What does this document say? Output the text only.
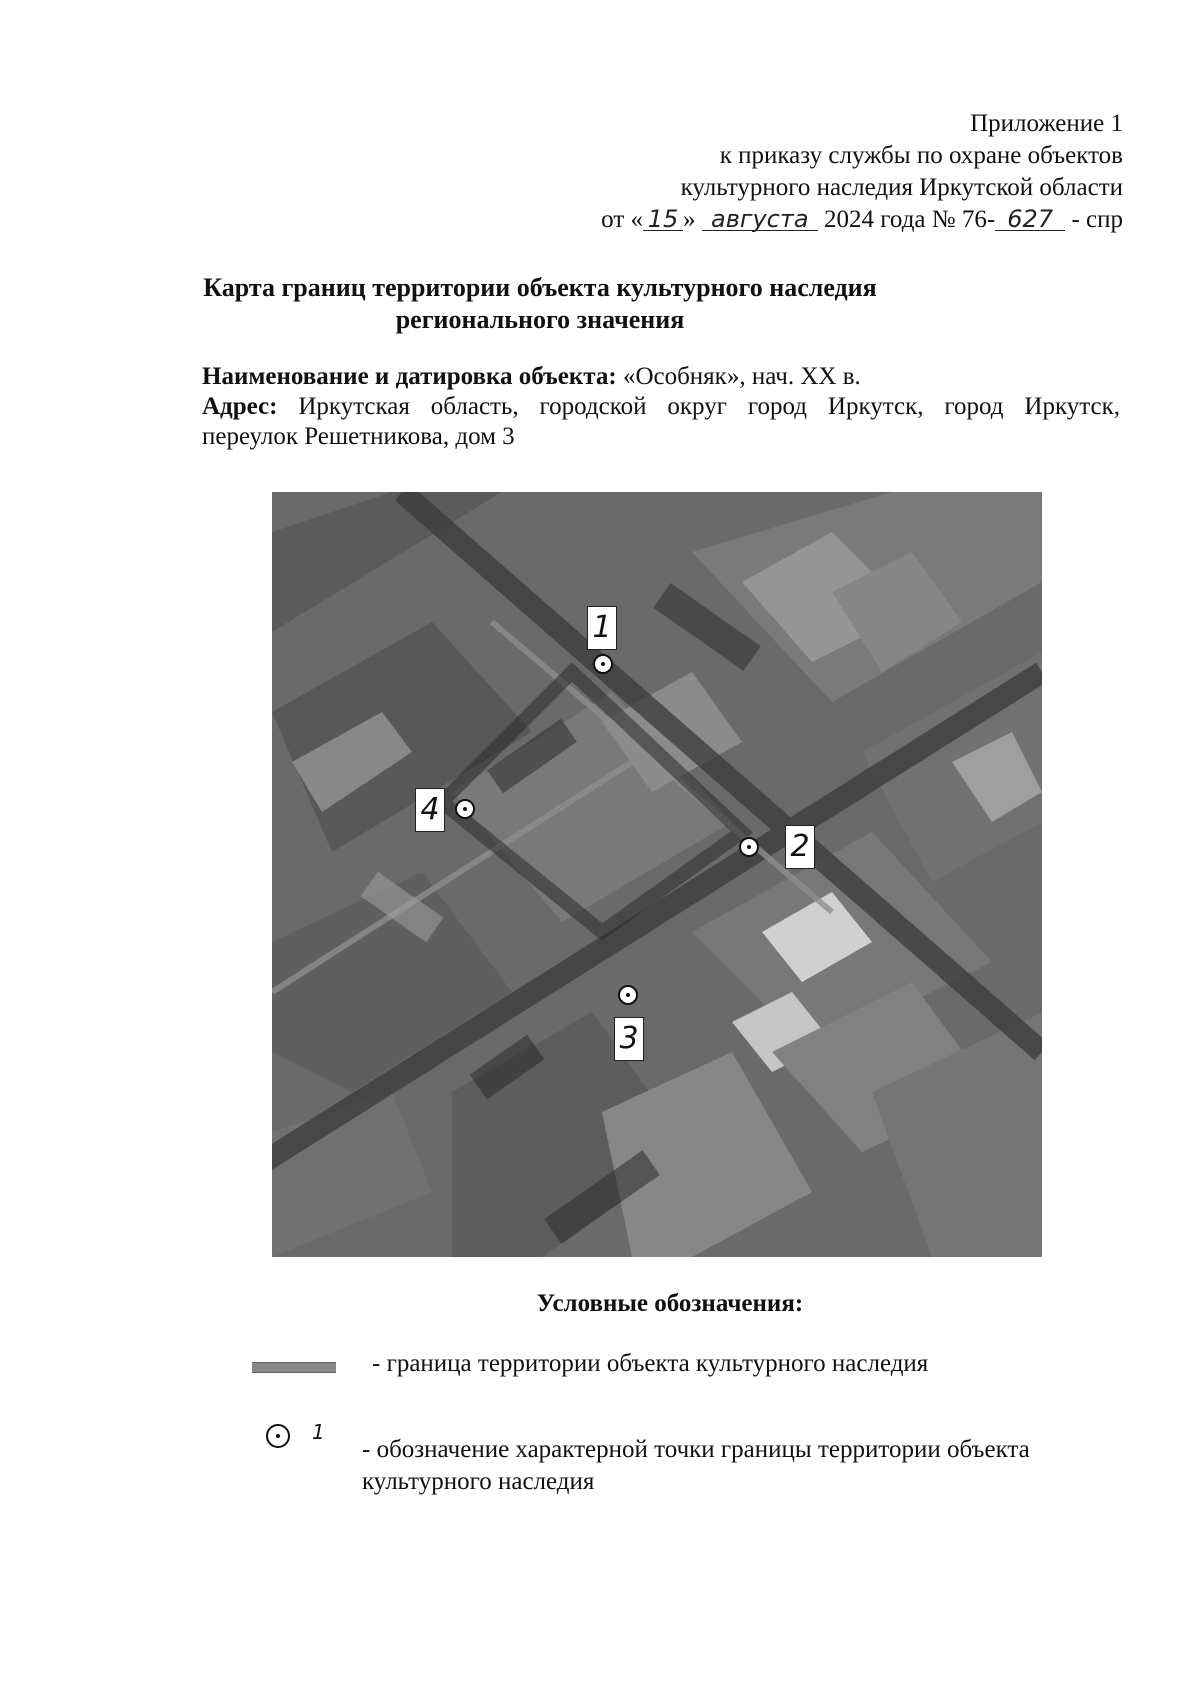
Приложение 1
к приказу службы по охране объектов
культурного наследия Иркутской области
от « 15 » августа 2024 года № 76- 627 - спр
Карта границ территории объекта культурного наследия
регионального значения
Наименование и датировка объекта: «Особняк», нач. XX в.
Адрес: Иркутская область, городской округ город Иркутск, город Иркутск,
переулок Решетникова, дом 3
1
2
3
4
Условные обозначения:
- граница территории объекта культурного наследия
1
- обозначение характерной точки границы территории объекта культурного наследия
